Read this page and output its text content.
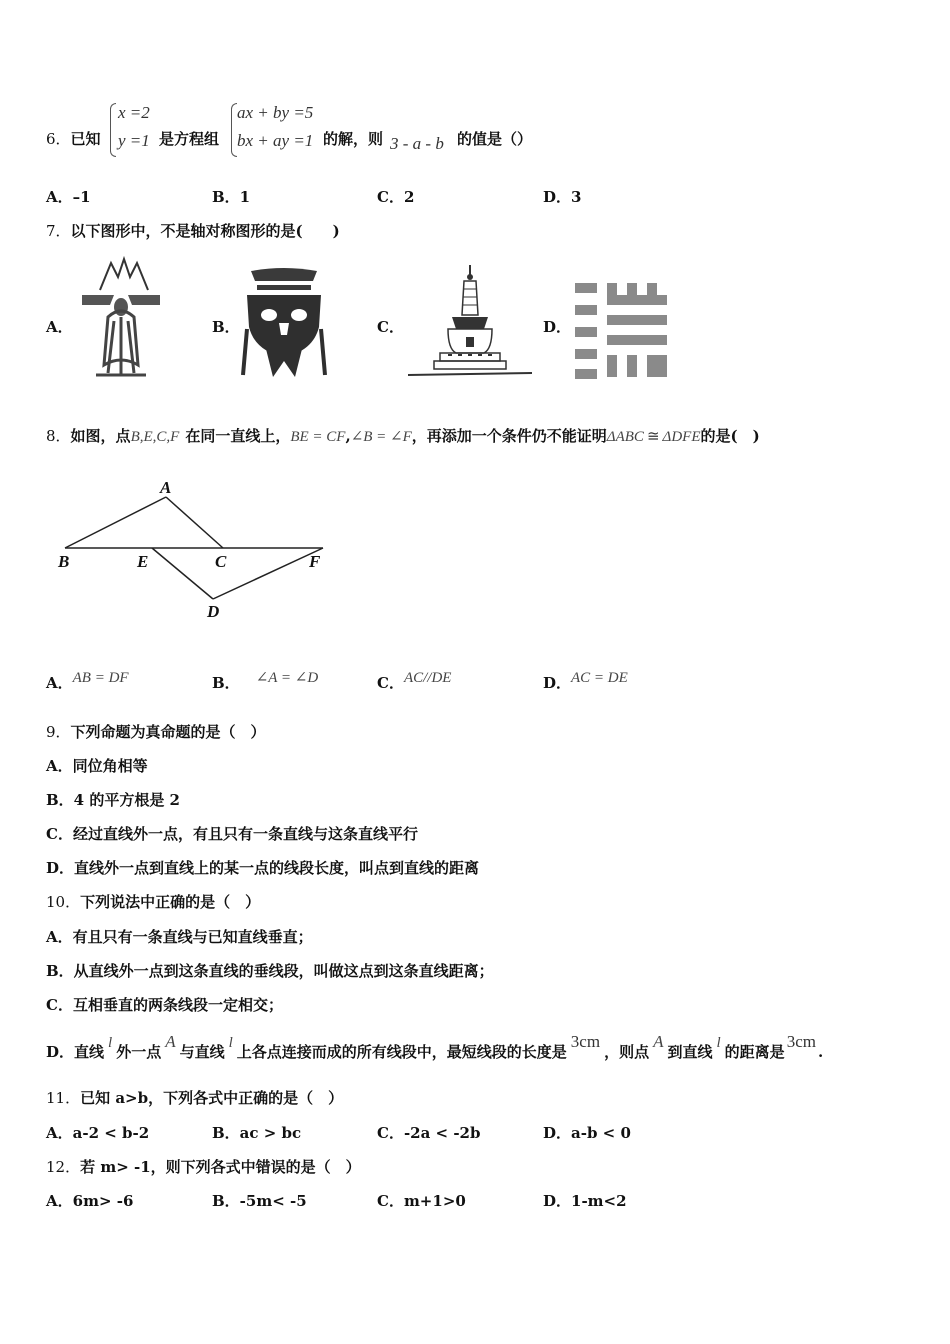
6．已知
x =2
y =1 是方程组
ax + by =5
bx + ay =1 的解，则 3 - a - b 的值是（）
A．–1	B．1	C．2	D．3
7．以下图形中，不是轴对称图形的是(　　)
A．	B．	C．	D．
8．如图，点B,E,C,F 在同一直线上，BE = CF,∠B = ∠F，再添加一个条件仍不能证明ΔABC ≅ ΔDFE的是(　)
A
B	E	C	F
D
A．AB = DF	B． ∠A = ∠D	C．AC//DE	D．AC = DE
9．下列命题为真命题的是（　）
A．同位角相等
B．4 的平方根是 2
C．经过直线外一点，有且只有一条直线与这条直线平行
D．直线外一点到直线上的某一点的线段长度，叫点到直线的距离
10．下列说法中正确的是（　）
A．有且只有一条直线与已知直线垂直；
B．从直线外一点到这条直线的垂线段，叫做这点到这条直线距离；
C．互相垂直的两条线段一定相交；
D．直线 l 外一点A与直线 l 上各点连接而成的所有线段中，最短线段的长度是3cm，则点A到直线 l 的距离是3cm.
11．已知 a>b，下列各式中正确的是（　）
A．a-2 < b-2	B．ac > bc	C．-2a < -2b	D．a-b < 0
12．若 m> -1，则下列各式中错误的是（　）
A．6m> -6	B．-5m< -5	C．m+1>0	D．1-m<2
